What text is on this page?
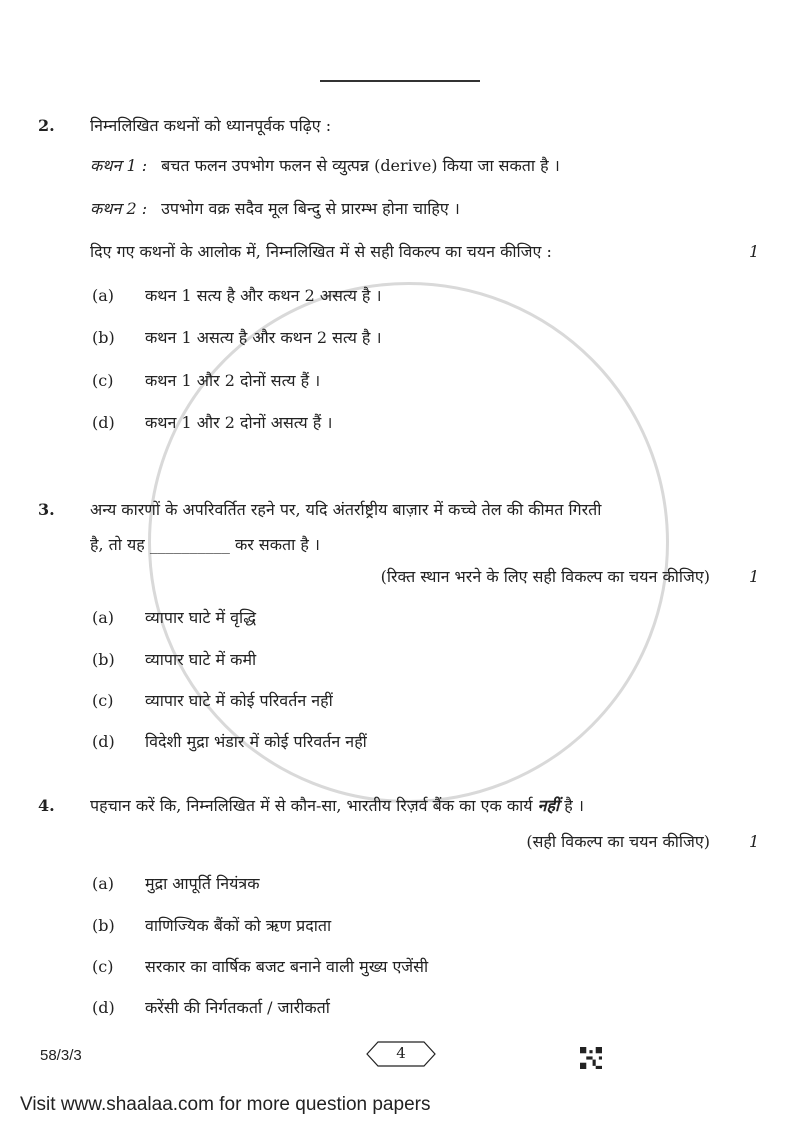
2. निम्नलिखित कथनों को ध्यानपूर्वक पढ़िए :
कथन 1 : बचत फलन उपभोग फलन से व्युत्पन्न (derive) किया जा सकता है ।
कथन 2 : उपभोग वक्र सदैव मूल बिन्दु से प्रारम्भ होना चाहिए ।
दिए गए कथनों के आलोक में, निम्नलिखित में से सही विकल्प का चयन कीजिए :	1
(a) कथन 1 सत्य है और कथन 2 असत्य है ।
(b) कथन 1 असत्य है और कथन 2 सत्य है ।
(c) कथन 1 और 2 दोनों सत्य हैं ।
(d) कथन 1 और 2 दोनों असत्य हैं ।
3. अन्य कारणों के अपरिवर्तित रहने पर, यदि अंतर्राष्ट्रीय बाज़ार में कच्चे तेल की कीमत गिरती
है, तो यह __________ कर सकता है ।
(रिक्त स्थान भरने के लिए सही विकल्प का चयन कीजिए) 1
(a) व्यापार घाटे में वृद्धि
(b) व्यापार घाटे में कमी
(c) व्यापार घाटे में कोई परिवर्तन नहीं
(d) विदेशी मुद्रा भंडार में कोई परिवर्तन नहीं
4. पहचान करें कि, निम्नलिखित में से कौन-सा, भारतीय रिज़र्व बैंक का एक कार्य नहीं है ।
(सही विकल्प का चयन कीजिए) 1
(a) मुद्रा आपूर्ति नियंत्रक
(b) वाणिज्यिक बैंकों को ऋण प्रदाता
(c) सरकार का वार्षिक बजट बनाने वाली मुख्य एजेंसी
(d) करेंसी की निर्गतकर्ता / जारीकर्ता
58/3/3	4
Visit www.shaalaa.com for more question papers
